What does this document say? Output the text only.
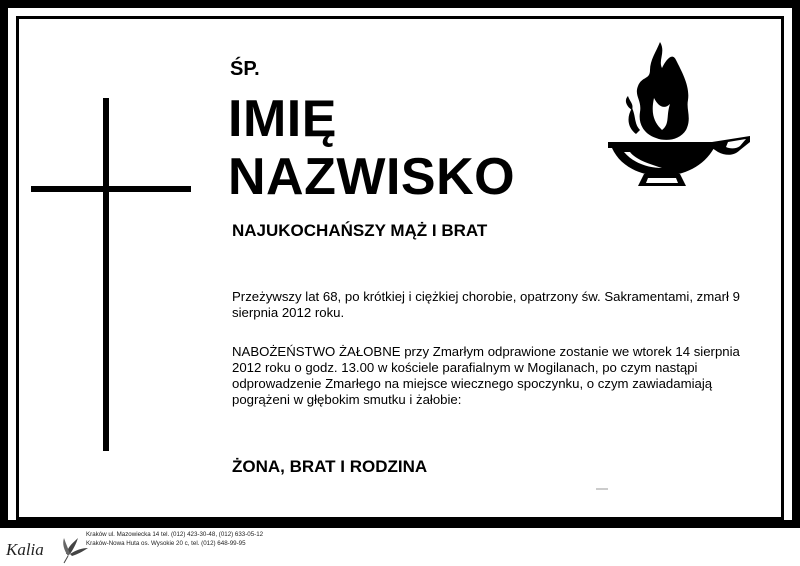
ŚP.
IMIĘ
NAZWISKO
NAJUKOCHAŃSZY MĄŻ I BRAT
Przeżywszy lat 68, po krótkiej i ciężkiej chorobie, opatrzony św. Sakramentami, zmarł 9 sierpnia 2012 roku.
NABOŻEŃSTWO ŻAŁOBNE przy Zmarłym odprawione zostanie we wtorek 14 sierpnia 2012 roku o godz. 13.00 w kościele parafialnym w Mogilanach, po czym nastąpi odprowadzenie Zmarłego na miejsce wiecznego spoczynku, o czym zawiadamiają pogrążeni w głębokim smutku i żałobie:
ŻONA, BRAT I RODZINA
Kalia
Kraków ul. Mazowiecka 14 tel. (012) 423-30-48, (012) 633-05-12
Kraków-Nowa Huta os. Wysokie 20 c, tel. (012) 648-99-95
